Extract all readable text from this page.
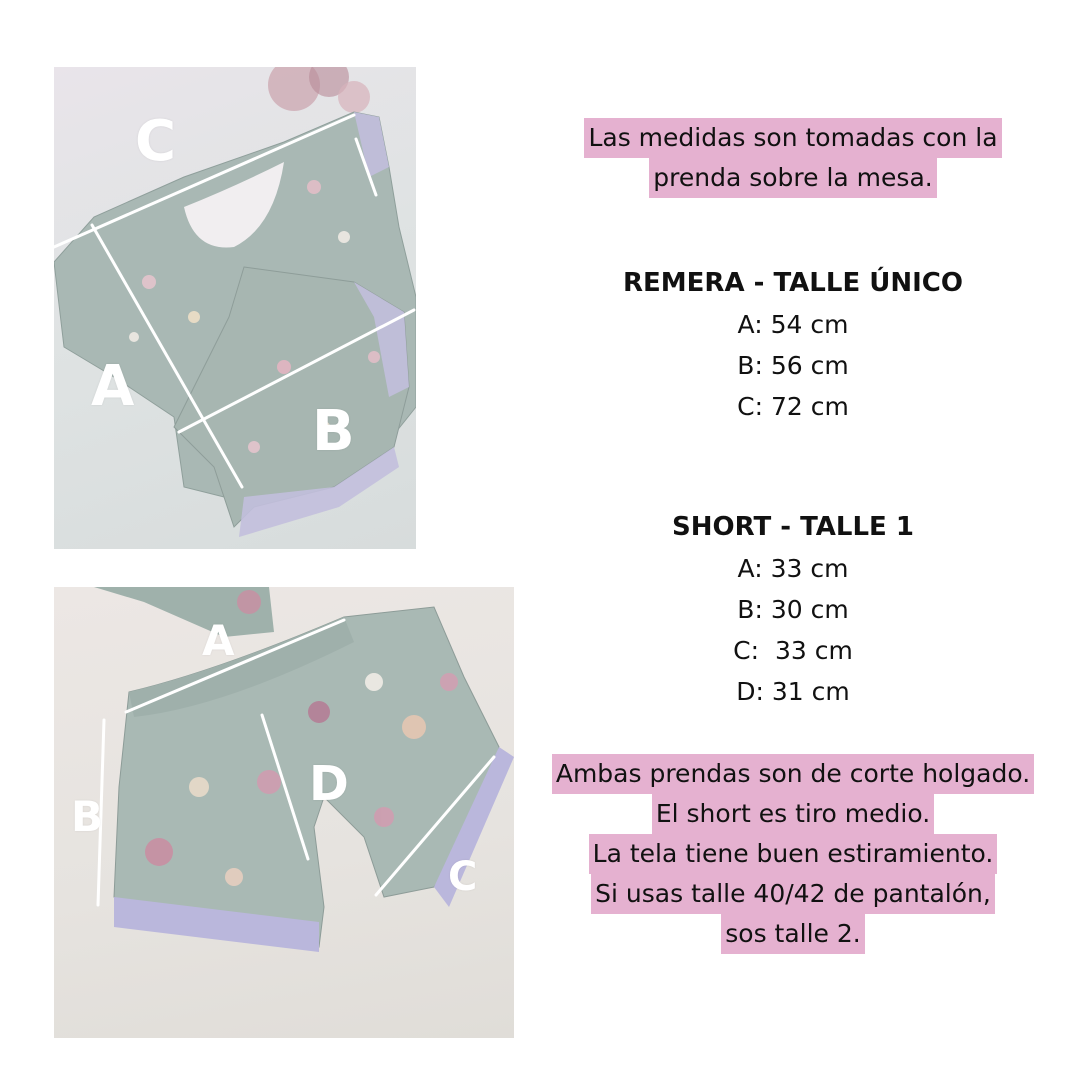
C
A
B
A
B
D
C
Las medidas son tomadas con la
prenda sobre la mesa.
REMERA - TALLE ÚNICO
A: 54 cm
B: 56 cm
C: 72 cm
SHORT - TALLE 1
A: 33 cm
B: 30 cm
C:  33 cm
D: 31 cm
Ambas prendas son de corte holgado.
El short es tiro medio.
La tela tiene buen estiramiento.
Si usas talle 40/42 de pantalón,
sos talle 2.
